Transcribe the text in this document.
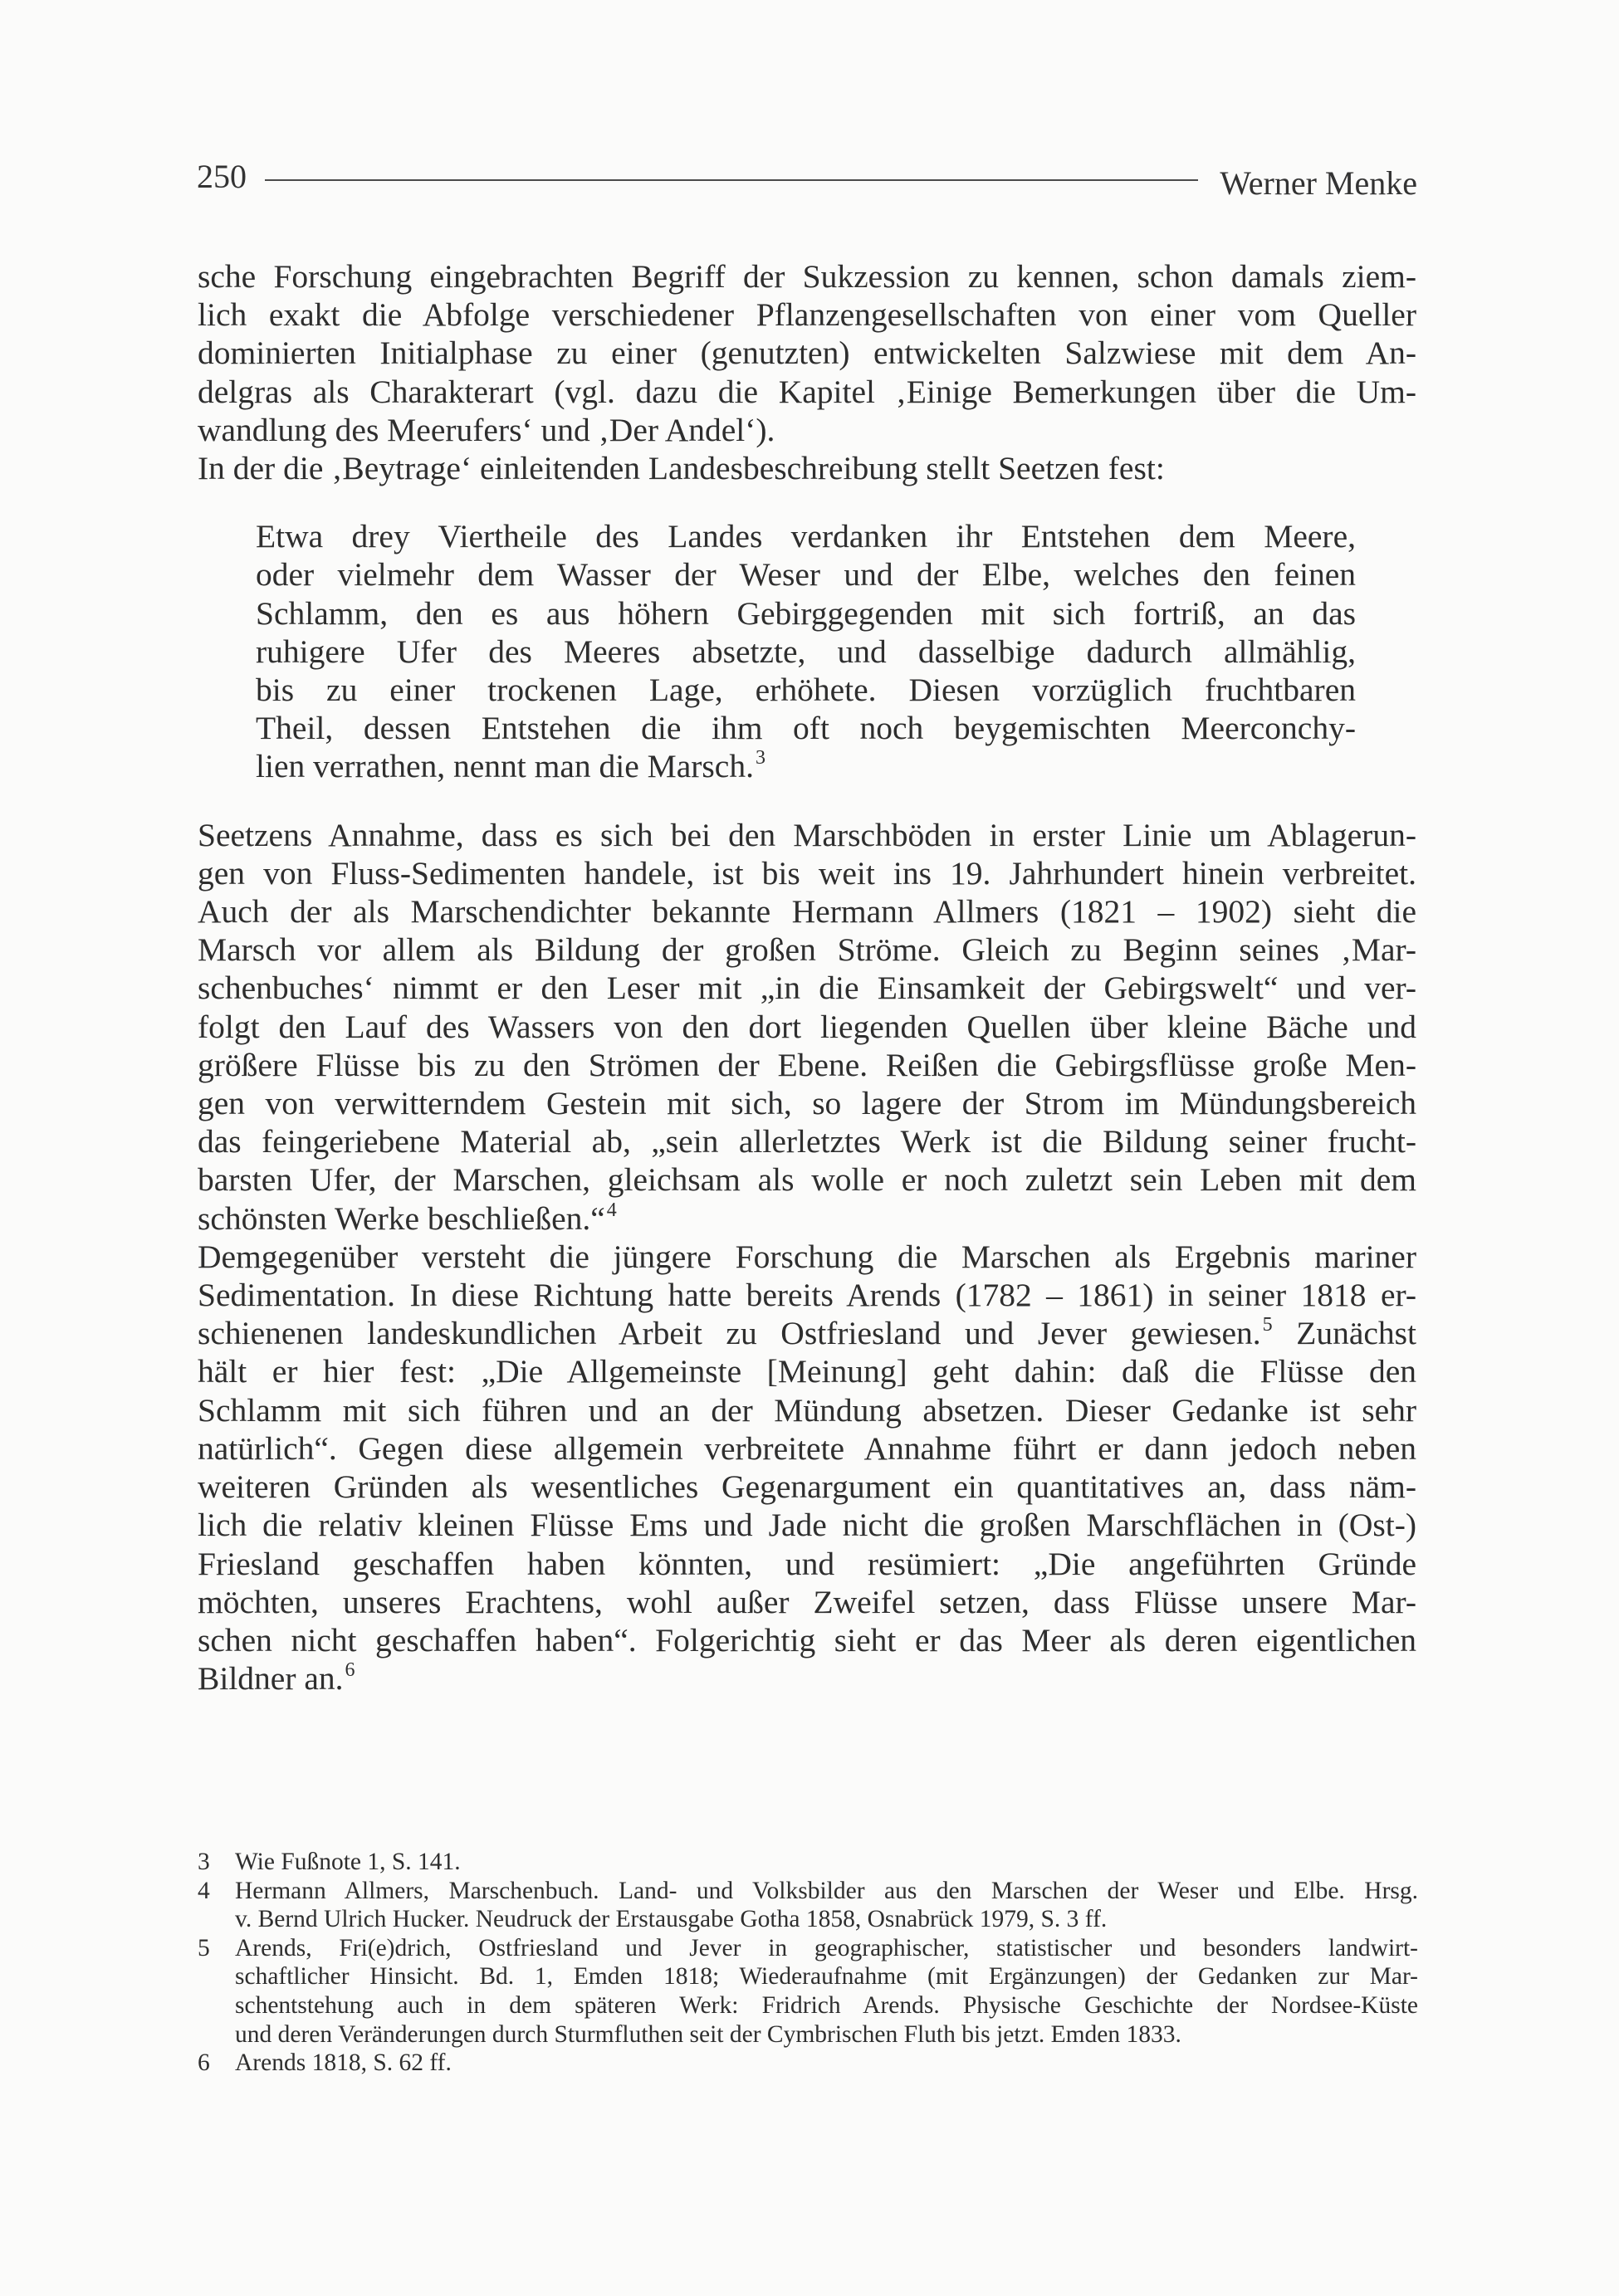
250	Werner Menke

sche Forschung eingebrachten Begriff der Sukzession zu kennen, schon damals ziem-
lich exakt die Abfolge verschiedener Pflanzengesellschaften von einer vom Queller
dominierten Initialphase zu einer (genutzten) entwickelten Salzwiese mit dem An-
delgras als Charakterart (vgl. dazu die Kapitel ‚Einige Bemerkungen über die Um-
wandlung des Meerufers‘ und ‚Der Andel‘).

In der die ‚Beytrage‘ einleitenden Landesbeschreibung stellt Seetzen fest:

Etwa drey Viertheile des Landes verdanken ihr Entstehen dem Meere,
oder vielmehr dem Wasser der Weser und der Elbe, welches den feinen
Schlamm, den es aus höhern Gebirggegenden mit sich fortriß, an das
ruhigere Ufer des Meeres absetzte, und dasselbige dadurch allmählig,
bis zu einer trockenen Lage, erhöhete. Diesen vorzüglich fruchtbaren
Theil, dessen Entstehen die ihm oft noch beygemischten Meerconchy-
lien verrathen, nennt man die Marsch.$^3$

Seetzens Annahme, dass es sich bei den Marschböden in erster Linie um Ablagerun-
gen von Fluss-Sedimenten handele, ist bis weit ins 19. Jahrhundert hinein verbreitet.
Auch der als Marschendichter bekannte Hermann Allmers (1821 – 1902) sieht die
Marsch vor allem als Bildung der großen Ströme. Gleich zu Beginn seines ‚Mar-
schenbuches‘ nimmt er den Leser mit „in die Einsamkeit der Gebirgswelt“ und ver-
folgt den Lauf des Wassers von den dort liegenden Quellen über kleine Bäche und
größere Flüsse bis zu den Strömen der Ebene. Reißen die Gebirgsflüsse große Men-
gen von verwitterndem Gestein mit sich, so lagere der Strom im Mündungsbereich
das feingeriebene Material ab, „sein allerletztes Werk ist die Bildung seiner frucht-
barsten Ufer, der Marschen, gleichsam als wolle er noch zuletzt sein Leben mit dem
schönsten Werke beschließen.“$^4$

Demgegenüber versteht die jüngere Forschung die Marschen als Ergebnis mariner
Sedimentation. In diese Richtung hatte bereits Arends (1782 – 1861) in seiner 1818 er-
schienenen landeskundlichen Arbeit zu Ostfriesland und Jever gewiesen.$^5$ Zunächst
hält er hier fest: „Die Allgemeinste [Meinung] geht dahin: daß die Flüsse den
Schlamm mit sich führen und an der Mündung absetzen. Dieser Gedanke ist sehr
natürlich“. Gegen diese allgemein verbreitete Annahme führt er dann jedoch neben
weiteren Gründen als wesentliches Gegenargument ein quantitatives an, dass näm-
lich die relativ kleinen Flüsse Ems und Jade nicht die großen Marschflächen in (Ost-)
Friesland geschaffen haben könnten, und resümiert: „Die angeführten Gründe
möchten, unseres Erachtens, wohl außer Zweifel setzen, dass Flüsse unsere Mar-
schen nicht geschaffen haben“. Folgerichtig sieht er das Meer als deren eigentlichen
Bildner an.$^6$

3	Wie Fußnote 1, S. 141.
4	Hermann Allmers, Marschenbuch. Land- und Volksbilder aus den Marschen der Weser und Elbe. Hrsg.
v. Bernd Ulrich Hucker. Neudruck der Erstausgabe Gotha 1858, Osnabrück 1979, S. 3 ff.
5	Arends, Fri(e)drich, Ostfriesland und Jever in geographischer, statistischer und besonders landwirt-
schaftlicher Hinsicht. Bd. 1, Emden 1818; Wiederaufnahme (mit Ergänzungen) der Gedanken zur Mar-
schentstehung auch in dem späteren Werk: Fridrich Arends. Physische Geschichte der Nordsee-Küste
und deren Veränderungen durch Sturmfluthen seit der Cymbrischen Fluth bis jetzt. Emden 1833.
6	Arends 1818, S. 62 ff.
